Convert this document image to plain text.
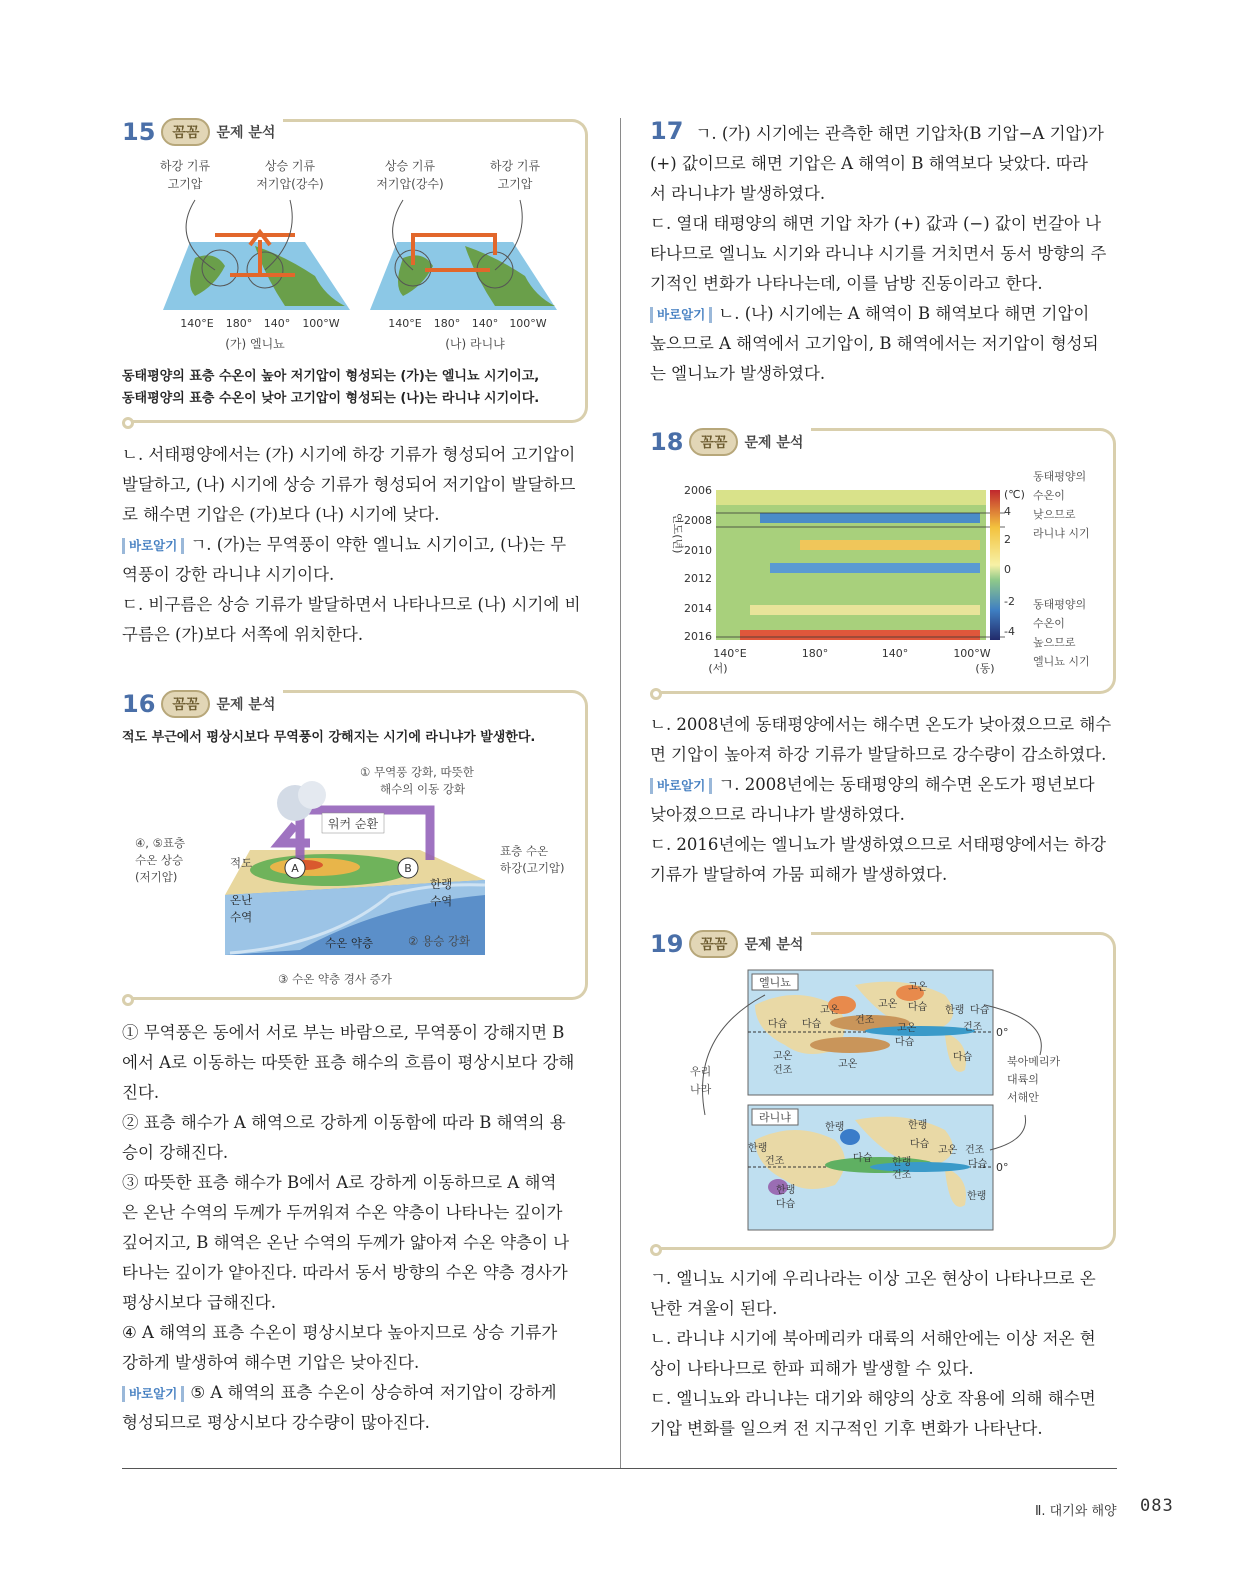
15	꼼꼼	문제 분석
하강 기류
고기압
상승 기류
저기압(강수)
140°E 180° 140° 100°W
(가) 엘니뇨
상승 기류
저기압(강수)
하강 기류
고기압
140°E 180° 140° 100°W
(나) 라니냐
동태평양의 표층 수온이 높아 저기압이 형성되는 (가)는 엘니뇨 시기이고,
동태평양의 표층 수온이 낮아 고기압이 형성되는 (나)는 라니냐 시기이다.

ㄴ. 서태평양에서는 (가) 시기에 하강 기류가 형성되어 고기압이

발달하고, (나) 시기에 상승 기류가 형성되어 저기압이 발달하므

로 해수면 기압은 (가)보다 (나) 시기에 낮다.

바로알기 ㄱ. (가)는 무역풍이 약한 엘니뇨 시기이고, (나)는 무

역풍이 강한 라니냐 시기이다.

ㄷ. 비구름은 상승 기류가 발달하면서 나타나므로 (나) 시기에 비

구름은 (가)보다 서쪽에 위치한다.

16	꼼꼼	문제 분석
적도 부근에서 평상시보다 무역풍이 강해지는 시기에 라니냐가 발생한다.
워커 순환
① 무역풍 강화, 따뜻한
해수의 이동 강화
④, ⑤표층
수온 상승
(저기압)
적도	A	B
표층 수온
하강(고기압)
온난
수역
한랭
수역
수온 약층	② 용승 강화
③ 수온 약층 경사 증가

① 무역풍은 동에서 서로 부는 바람으로, 무역풍이 강해지면 B

에서 A로 이동하는 따뜻한 표층 해수의 흐름이 평상시보다 강해

진다.

② 표층 해수가 A 해역으로 강하게 이동함에 따라 B 해역의 용

승이 강해진다.

③ 따뜻한 표층 해수가 B에서 A로 강하게 이동하므로 A 해역

은 온난 수역의 두께가 두꺼워져 수온 약층이 나타나는 깊이가

깊어지고, B 해역은 온난 수역의 두께가 얇아져 수온 약층이 나

타나는 깊이가 얕아진다. 따라서 동서 방향의 수온 약층 경사가

평상시보다 급해진다.

④ A 해역의 표층 수온이 평상시보다 높아지므로 상승 기류가

강하게 발생하여 해수면 기압은 낮아진다.

바로알기 ⑤ A 해역의 표층 수온이 상승하여 저기압이 강하게

형성되므로 평상시보다 강수량이 많아진다.

17 ㄱ. (가) 시기에는 관측한 해면 기압차(B 기압−A 기압)가

(+) 값이므로 해면 기압은 A 해역이 B 해역보다 낮았다. 따라

서 라니냐가 발생하였다.

ㄷ. 열대 태평양의 해면 기압 차가 (+) 값과 (−) 값이 번갈아 나

타나므로 엘니뇨 시기와 라니냐 시기를 거치면서 동서 방향의 주

기적인 변화가 나타나는데, 이를 남방 진동이라고 한다.

바로알기 ㄴ. (나) 시기에는 A 해역이 B 해역보다 해면 기압이

높으므로 A 해역에서 고기압이, B 해역에서는 저기압이 형성되

는 엘니뇨가 발생하였다.

18	꼼꼼	문제 분석
연도(년)
2006
2008
2010
2012
2014
2016
140°E	180°	140°	100°W
(서)	(동)
(℃)
4
2
0
-2
-4
동태평양의
수온이
낮으므로
라니냐 시기
동태평양의
수온이
높으므로
엘니뇨 시기

ㄴ. 2008년에 동태평양에서는 해수면 온도가 낮아졌으므로 해수

면 기압이 높아져 하강 기류가 발달하므로 강수량이 감소하였다.

바로알기 ㄱ. 2008년에는 동태평양의 해수면 온도가 평년보다

낮아졌으므로 라니냐가 발생하였다.

ㄷ. 2016년에는 엘니뇨가 발생하였으므로 서태평양에서는 하강

기류가 발달하여 가뭄 피해가 발생하였다.

19	꼼꼼	문제 분석
엘니뇨
0°
고온
고온
다습	건조
고온
다습 한랭 다습
건조
고온
다습
고온
건조
고온
다습
다습
라니냐
0°
한랭	한랭
다습
고온 건조
한랭
건조	다습 한랭
건조
다습
한랭
다습
한랭
우리
나라
북아메리카
대륙의
서해안

ㄱ. 엘니뇨 시기에 우리나라는 이상 고온 현상이 나타나므로 온

난한 겨울이 된다.

ㄴ. 라니냐 시기에 북아메리카 대륙의 서해안에는 이상 저온 현

상이 나타나므로 한파 피해가 발생할 수 있다.

ㄷ. 엘니뇨와 라니냐는 대기와 해양의 상호 작용에 의해 해수면

기압 변화를 일으켜 전 지구적인 기후 변화가 나타난다.

Ⅱ. 대기와 해양 083
